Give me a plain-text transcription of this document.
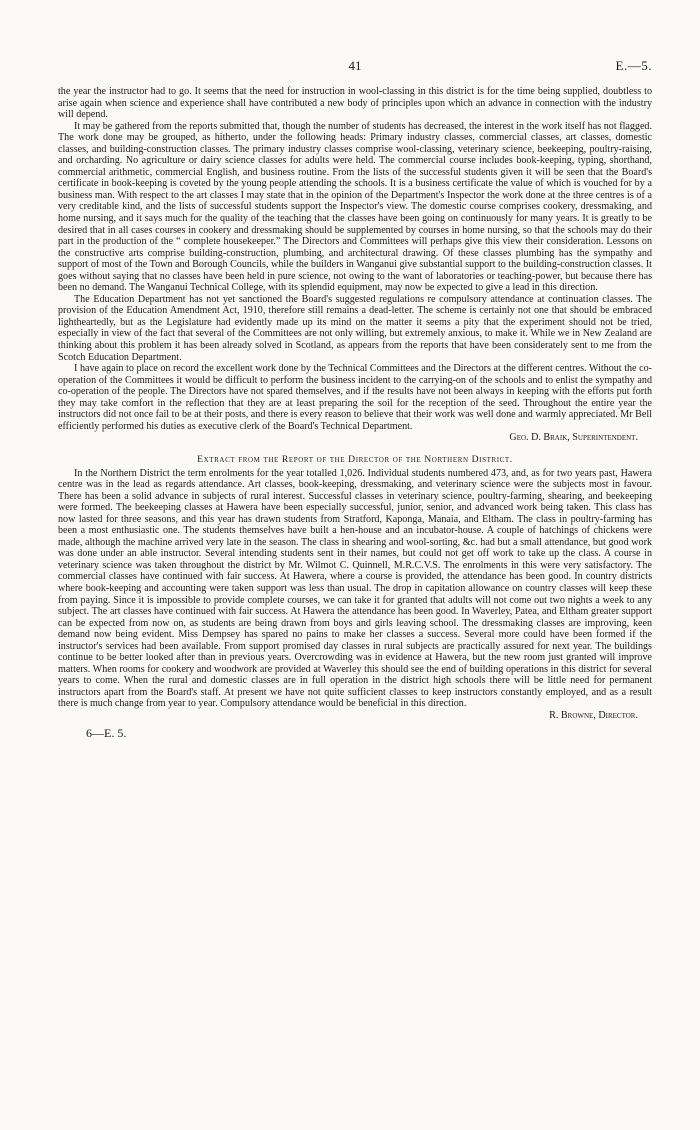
41	E.—5.

the year the instructor had to go. It seems that the need for instruction in wool-classing in this district is for the time being supplied, doubtless to arise again when science and experience shall have contributed a new body of principles upon which an advance in connection with the industry will depend.

It may be gathered from the reports submitted that, though the number of students has decreased, the interest in the work itself has not flagged. The work done may be grouped, as hitherto, under the following heads: Primary industry classes, commercial classes, art classes, domestic classes, and building-construction classes. The primary industry classes comprise wool-classing, veterinary science, beekeeping, poultry-raising, and orcharding. No agriculture or dairy science classes for adults were held. The commercial course includes book-keeping, typing, shorthand, commercial arithmetic, commercial English, and business routine. From the lists of the successful students given it will be seen that the Board's certificate in book-keeping is coveted by the young people attending the schools. It is a business certificate the value of which is vouched for by a business man. With respect to the art classes I may state that in the opinion of the Department's Inspector the work done at the three centres is of a very creditable kind, and the lists of successful students support the Inspector's view. The domestic course comprises cookery, dressmaking, and home nursing, and it says much for the quality of the teaching that the classes have been going on continuously for many years. It is greatly to be desired that in all cases courses in cookery and dressmaking should be supplemented by courses in home nursing, so that the schools may do their part in the production of the “ complete housekeeper.” The Directors and Committees will perhaps give this view their consideration. Lessons on the constructive arts comprise building-construction, plumbing, and architectural drawing. Of these classes plumbing has the sympathy and support of most of the Town and Borough Councils, while the builders in Wanganui give substantial support to the building-construction classes. It goes without saying that no classes have been held in pure science, not owing to the want of laboratories or teaching-power, but because there has been no demand. The Wanganui Technical College, with its splendid equipment, may now be expected to give a lead in this direction.

The Education Department has not yet sanctioned the Board's suggested regulations re compulsory attendance at continuation classes. The provision of the Education Amendment Act, 1910, therefore still remains a dead-letter. The scheme is certainly not one that should be embraced lightheartedly, but as the Legislature had evidently made up its mind on the matter it seems a pity that the experiment should not be tried, especially in view of the fact that several of the Committees are not only willing, but extremely anxious, to make it. While we in New Zealand are thinking about this problem it has been already solved in Scotland, as appears from the reports that have been considerately sent to me from the Scotch Education Department.

I have again to place on record the excellent work done by the Technical Committees and the Directors at the different centres. Without the co-operation of the Committees it would be difficult to perform the business incident to the carrying-on of the schools and to enlist the sympathy and co-operation of the people. The Directors have not spared themselves, and if the results have not been always in keeping with the efforts put forth they may take comfort in the reflection that they are at least preparing the soil for the reception of the seed. Throughout the entire year the instructors did not once fail to be at their posts, and there is every reason to believe that their work was well done and warmly appreciated. Mr Bell efficiently performed his duties as executive clerk of the Board's Technical Department.

Geo. D. Braik, Superintendent.
Extract from the Report of the Director of the Northern District.

In the Northern District the term enrolments for the year totalled 1,026. Individual students numbered 473, and, as for two years past, Hawera centre was in the lead as regards attendance. Art classes, book-keeping, dressmaking, and veterinary science were the subjects most in favour. There has been a solid advance in subjects of rural interest. Successful classes in veterinary science, poultry-farming, shearing, and beekeeping were formed. The beekeeping classes at Hawera have been especially successful, junior, senior, and advanced work being taken. This class has now lasted for three seasons, and this year has drawn students from Stratford, Kaponga, Manaia, and Eltham. The class in poultry-farming has been a most enthusiastic one. The students themselves have built a hen-house and an incubator-house. A couple of hatchings of chickens were made, although the machine arrived very late in the season. The class in shearing and wool-sorting, &c. had but a small attendance, but good work was done under an able instructor. Several intending students sent in their names, but could not get off work to take up the class. A course in veterinary science was taken throughout the district by Mr. Wilmot C. Quinnell, M.R.C.V.S. The enrolments in this were very satisfactory. The commercial classes have continued with fair success. At Hawera, where a course is provided, the attendance has been good. In country districts where book-keeping and accounting were taken support was less than usual. The drop in capitation allowance on country classes will keep these from paying. Since it is impossible to provide complete courses, we can take it for granted that adults will not come out two nights a week to any subject. The art classes have continued with fair success. At Hawera the attendance has been good. In Waverley, Patea, and Eltham greater support can be expected from now on, as students are being drawn from boys and girls leaving school. The dressmaking classes are improving, keen demand now being evident. Miss Dempsey has spared no pains to make her classes a success. Several more could have been formed if the instructor's services had been available. From support promised day classes in rural subjects are practically assured for next year. The buildings continue to be better looked after than in previous years. Overcrowding was in evidence at Hawera, but the new room just granted will improve matters. When rooms for cookery and woodwork are provided at Waverley this should see the end of building operations in this district for several years to come. When the rural and domestic classes are in full operation in the district high schools there will be little need for permanent instructors apart from the Board's staff. At present we have not quite sufficient classes to keep instructors constantly employed, and as a result there is much change from year to year. Compulsory attendance would be beneficial in this direction.

R. Browne, Director.
6—E. 5.
